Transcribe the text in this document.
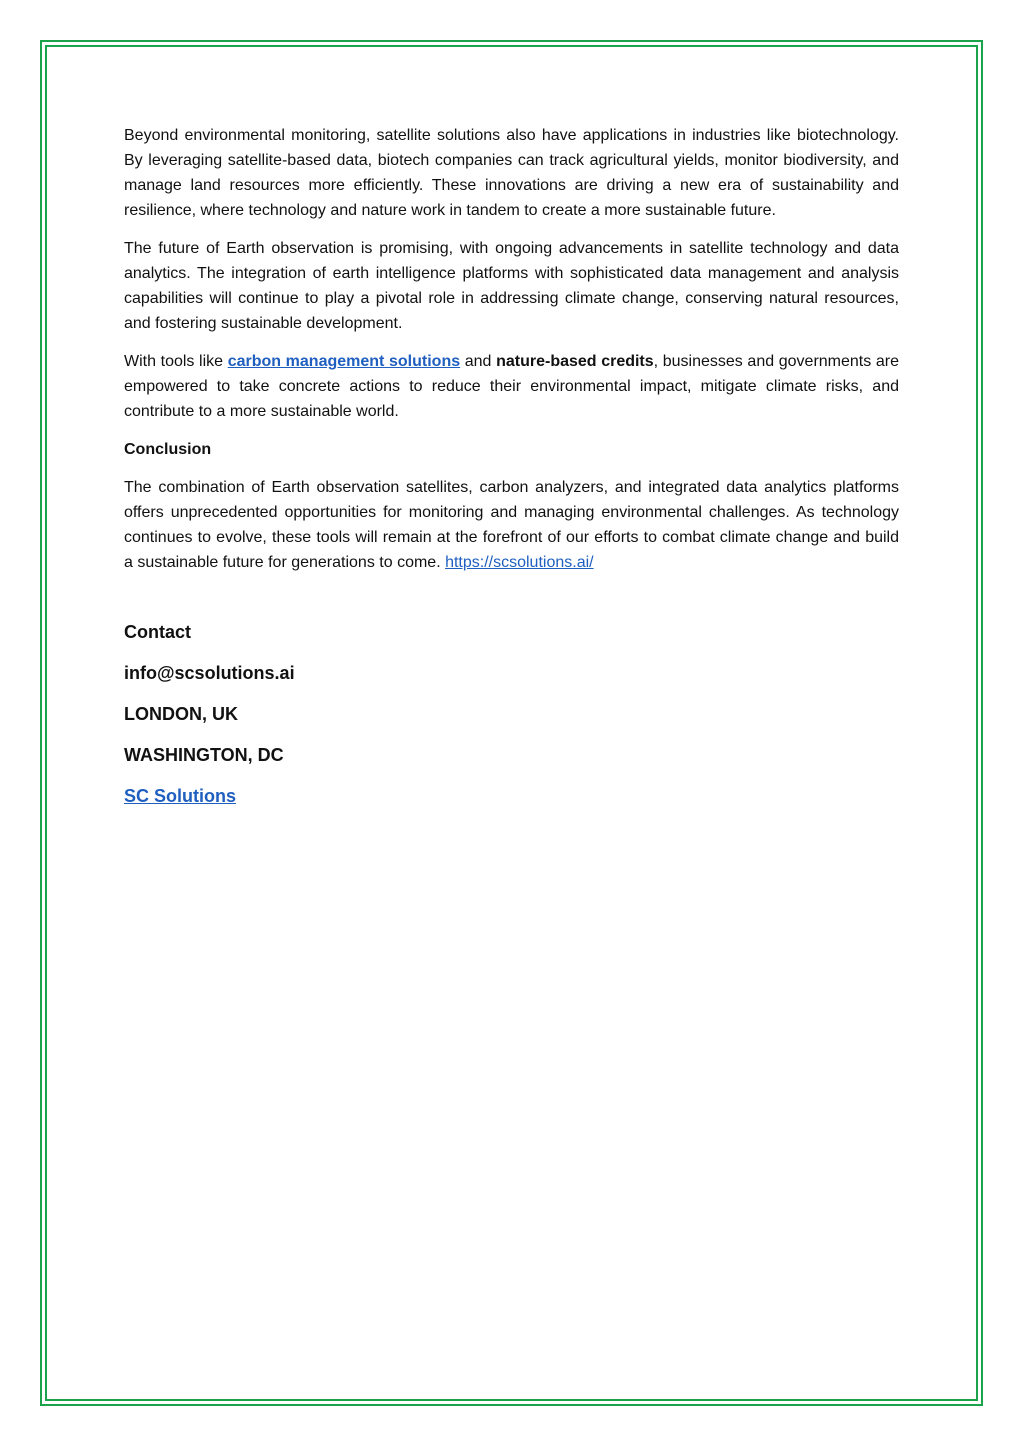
Beyond environmental monitoring, satellite solutions also have applications in industries like biotechnology. By leveraging satellite-based data, biotech companies can track agricultural yields, monitor biodiversity, and manage land resources more efficiently. These innovations are driving a new era of sustainability and resilience, where technology and nature work in tandem to create a more sustainable future.

The future of Earth observation is promising, with ongoing advancements in satellite technology and data analytics. The integration of earth intelligence platforms with sophisticated data management and analysis capabilities will continue to play a pivotal role in addressing climate change, conserving natural resources, and fostering sustainable development.

With tools like carbon management solutions and nature-based credits, businesses and governments are empowered to take concrete actions to reduce their environmental impact, mitigate climate risks, and contribute to a more sustainable world.

Conclusion

The combination of Earth observation satellites, carbon analyzers, and integrated data analytics platforms offers unprecedented opportunities for monitoring and managing environmental challenges. As technology continues to evolve, these tools will remain at the forefront of our efforts to combat climate change and build a sustainable future for generations to come. https://scsolutions.ai/

Contact

info@scsolutions.ai

LONDON, UK

WASHINGTON, DC

SC Solutions
